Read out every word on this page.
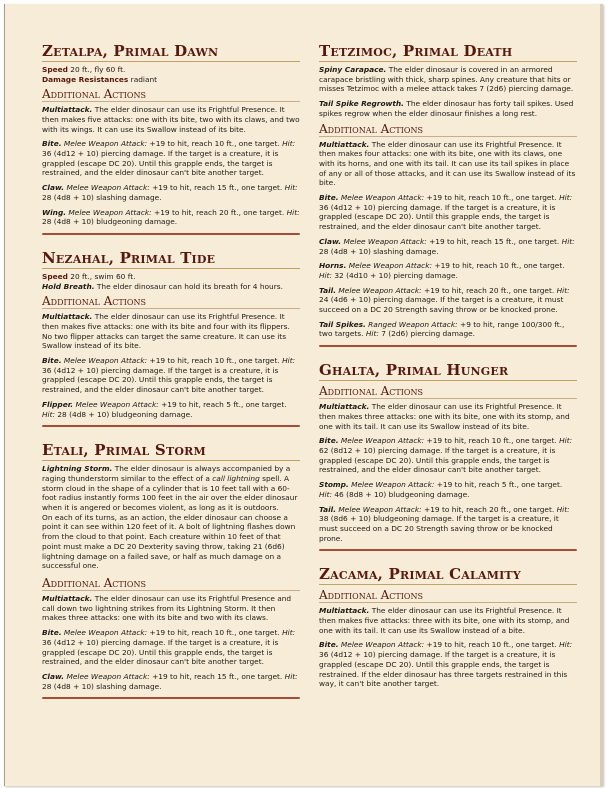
Zetalpa, Primal Dawn

Speed 20 ft., fly 60 ft.

Damage Resistances radiant

Additional Actions

Multiattack. The elder dinosaur can use its Frightful Presence. It then makes five attacks: one with its bite, two with its claws, and two with its wings. It can use its Swallow instead of its bite.

Bite. Melee Weapon Attack: +19 to hit, reach 10 ft., one target. Hit: 36 (4d12 + 10) piercing damage. If the target is a creature, it is grappled (escape DC 20). Until this grapple ends, the target is restrained, and the elder dinosaur can't bite another target.

Claw. Melee Weapon Attack: +19 to hit, reach 15 ft., one target. Hit: 28 (4d8 + 10) slashing damage.

Wing. Melee Weapon Attack: +19 to hit, reach 20 ft., one target. Hit: 28 (4d8 + 10) bludgeoning damage.

Nezahal, Primal Tide

Speed 20 ft., swim 60 ft.

Hold Breath. The elder dinosaur can hold its breath for 4 hours.

Additional Actions

Multiattack. The elder dinosaur can use its Frightful Presence. It then makes five attacks: one with its bite and four with its flippers. No two flipper attacks can target the same creature. It can use its Swallow instead of its bite.

Bite. Melee Weapon Attack: +19 to hit, reach 10 ft., one target. Hit: 36 (4d12 + 10) piercing damage. If the target is a creature, it is grappled (escape DC 20). Until this grapple ends, the target is restrained, and the elder dinosaur can't bite another target.

Flipper. Melee Weapon Attack: +19 to hit, reach 5 ft., one target. Hit: 28 (4d8 + 10) bludgeoning damage.

Etali, Primal Storm

Lightning Storm. The elder dinosaur is always accompanied by a raging thunderstorm similar to the effect of a call lightning spell. A storm cloud in the shape of a cylinder that is 10 feet tall with a 60-foot radius instantly forms 100 feet in the air over the elder dinosaur when it is angered or becomes violent, as long as it is outdoors.

On each of its turns, as an action, the elder dinosaur can choose a point it can see within 120 feet of it. A bolt of lightning flashes down from the cloud to that point. Each creature within 10 feet of that point must make a DC 20 Dexterity saving throw, taking 21 (6d6) lightning damage on a failed save, or half as much damage on a successful one.

Additional Actions

Multiattack. The elder dinosaur can use its Frightful Presence and call down two lightning strikes from its Lightning Storm. It then makes three attacks: one with its bite and two with its claws.

Bite. Melee Weapon Attack: +19 to hit, reach 10 ft., one target. Hit: 36 (4d12 + 10) piercing damage. If the target is a creature, it is grappled (escape DC 20). Until this grapple ends, the target is restrained, and the elder dinosaur can't bite another target.

Claw. Melee Weapon Attack: +19 to hit, reach 15 ft., one target. Hit: 28 (4d8 + 10) slashing damage.

Tetzimoc, Primal Death

Spiny Carapace. The elder dinosaur is covered in an armored carapace bristling with thick, sharp spines. Any creature that hits or misses Tetzimoc with a melee attack takes 7 (2d6) piercing damage.

Tail Spike Regrowth. The elder dinosaur has forty tail spikes. Used spikes regrow when the elder dinosaur finishes a long rest.

Additional Actions

Multiattack. The elder dinosaur can use its Frightful Presence. It then makes four attacks: one with its bite, one with its claws, one with its horns, and one with its tail. It can use its tail spikes in place of any or all of those attacks, and it can use its Swallow instead of its bite.

Bite. Melee Weapon Attack: +19 to hit, reach 10 ft., one target. Hit: 36 (4d12 + 10) piercing damage. If the target is a creature, it is grappled (escape DC 20). Until this grapple ends, the target is restrained, and the elder dinosaur can't bite another target.

Claw. Melee Weapon Attack: +19 to hit, reach 15 ft., one target. Hit: 28 (4d8 + 10) slashing damage.

Horns. Melee Weapon Attack: +19 to hit, reach 10 ft., one target. Hit: 32 (4d10 + 10) piercing damage.

Tail. Melee Weapon Attack: +19 to hit, reach 20 ft., one target. Hit: 24 (4d6 + 10) piercing damage. If the target is a creature, it must succeed on a DC 20 Strength saving throw or be knocked prone.

Tail Spikes. Ranged Weapon Attack: +9 to hit, range 100/300 ft., two targets. Hit: 7 (2d6) piercing damage.

Ghalta, Primal Hunger
Additional Actions

Multiattack. The elder dinosaur can use its Frightful Presence. It then makes three attacks: one with its bite, one with its stomp, and one with its tail. It can use its Swallow instead of its bite.

Bite. Melee Weapon Attack: +19 to hit, reach 10 ft., one target. Hit: 62 (8d12 + 10) piercing damage. If the target is a creature, it is grappled (escape DC 20). Until this grapple ends, the target is restrained, and the elder dinosaur can't bite another target.

Stomp. Melee Weapon Attack: +19 to hit, reach 5 ft., one target. Hit: 46 (8d8 + 10) bludgeoning damage.

Tail. Melee Weapon Attack: +19 to hit, reach 20 ft., one target. Hit: 38 (8d6 + 10) bludgeoning damage. If the target is a creature, it must succeed on a DC 20 Strength saving throw or be knocked prone.

Zacama, Primal Calamity
Additional Actions

Multiattack. The elder dinosaur can use its Frightful Presence. It then makes five attacks: three with its bite, one with its stomp, and one with its tail. It can use its Swallow instead of a bite.

Bite. Melee Weapon Attack: +19 to hit, reach 10 ft., one target. Hit: 36 (4d12 + 10) piercing damage. If the target is a creature, it is grappled (escape DC 20). Until this grapple ends, the target is restrained. If the elder dinosaur has three targets restrained in this way, it can't bite another target.
